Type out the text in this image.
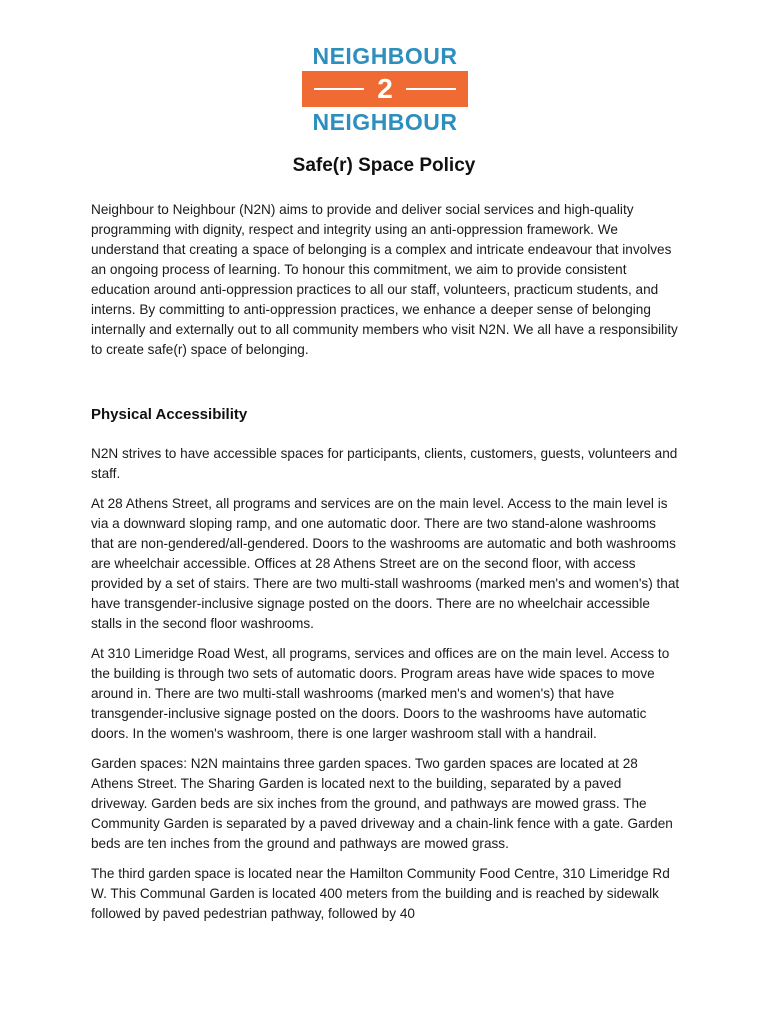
NEIGHBOUR
2
NEIGHBOUR
Safe(r) Space Policy

Neighbour to Neighbour (N2N) aims to provide and deliver social services and high-quality programming with dignity, respect and integrity using an anti-oppression framework. We understand that creating a space of belonging is a complex and intricate endeavour that involves an ongoing process of learning. To honour this commitment, we aim to provide consistent education around anti-oppression practices to all our staff, volunteers, practicum students, and interns. By committing to anti-oppression practices, we enhance a deeper sense of belonging internally and externally out to all community members who visit N2N. We all have a responsibility to create safe(r) space of belonging.

Physical Accessibility

N2N strives to have accessible spaces for participants, clients, customers, guests, volunteers and staff.

At 28 Athens Street, all programs and services are on the main level. Access to the main level is via a downward sloping ramp, and one automatic door. There are two stand-alone washrooms that are non-gendered/all-gendered. Doors to the washrooms are automatic and both washrooms are wheelchair accessible. Offices at 28 Athens Street are on the second floor, with access provided by a set of stairs. There are two multi-stall washrooms (marked men's and women's) that have transgender-inclusive signage posted on the doors. There are no wheelchair accessible stalls in the second floor washrooms.

At 310 Limeridge Road West, all programs, services and offices are on the main level. Access to the building is through two sets of automatic doors. Program areas have wide spaces to move around in. There are two multi-stall washrooms (marked men's and women's) that have transgender-inclusive signage posted on the doors. Doors to the washrooms have automatic doors. In the women's washroom, there is one larger washroom stall with a handrail.

Garden spaces: N2N maintains three garden spaces. Two garden spaces are located at 28 Athens Street. The Sharing Garden is located next to the building, separated by a paved driveway. Garden beds are six inches from the ground, and pathways are mowed grass. The Community Garden is separated by a paved driveway and a chain-link fence with a gate. Garden beds are ten inches from the ground and pathways are mowed grass.

The third garden space is located near the Hamilton Community Food Centre, 310 Limeridge Rd W. This Communal Garden is located 400 meters from the building and is reached by sidewalk followed by paved pedestrian pathway, followed by 40
